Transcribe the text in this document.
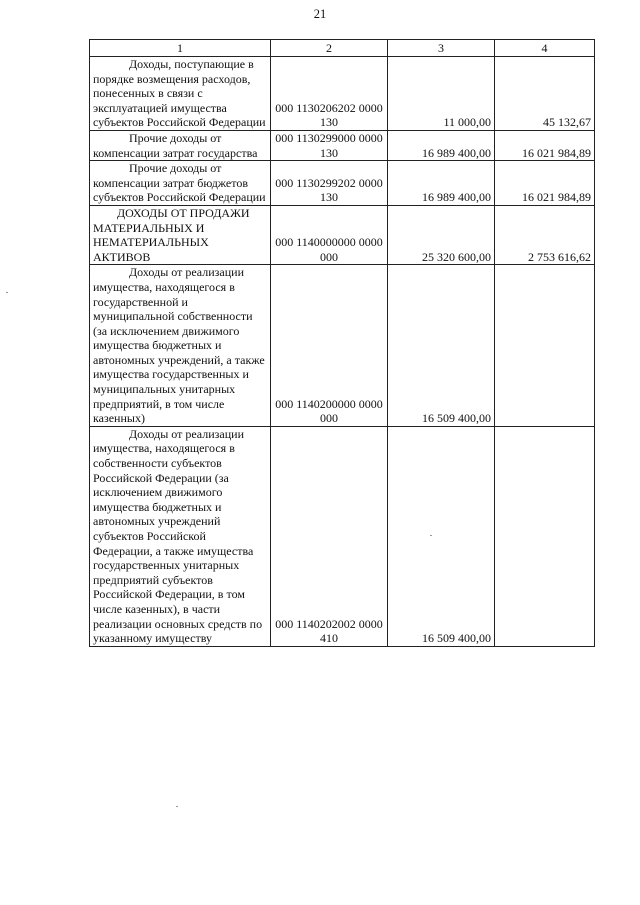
21
1	2	3	4

Доходы, поступающие в порядке возмещения расходов, понесенных в связи с эксплуатацией имущества субъектов Российской Федерации	000 1130206202 0000 130	11 000,00	45 132,67

Прочие доходы от компенсации затрат государства	000 1130299000 0000 130	16 989 400,00	16 021 984,89

Прочие доходы от компенсации затрат бюджетов субъектов Российской Федерации	000 1130299202 0000 130	16 989 400,00	16 021 984,89

ДОХОДЫ ОТ ПРОДАЖИ МАТЕРИАЛЬНЫХ И НЕМАТЕРИАЛЬНЫХ АКТИВОВ	000 1140000000 0000 000	25 320 600,00	2 753 616,62

Доходы от реализации имущества, находящегося в государственной и муниципальной собственности (за исключением движимого имущества бюджетных и автономных учреждений, а также имущества государственных и муниципальных унитарных предприятий, в том числе казенных)	000 1140200000 0000 000	16 509 400,00	

Доходы от реализации имущества, находящегося в собственности субъектов Российской Федерации (за исключением движимого имущества бюджетных и автономных учреждений субъектов Российской Федерации, а также имущества государственных унитарных предприятий субъектов Российской Федерации, в том числе казенных), в части реализации основных средств по указанному имуществу	000 1140202002 0000 410	16 509 400,00	
